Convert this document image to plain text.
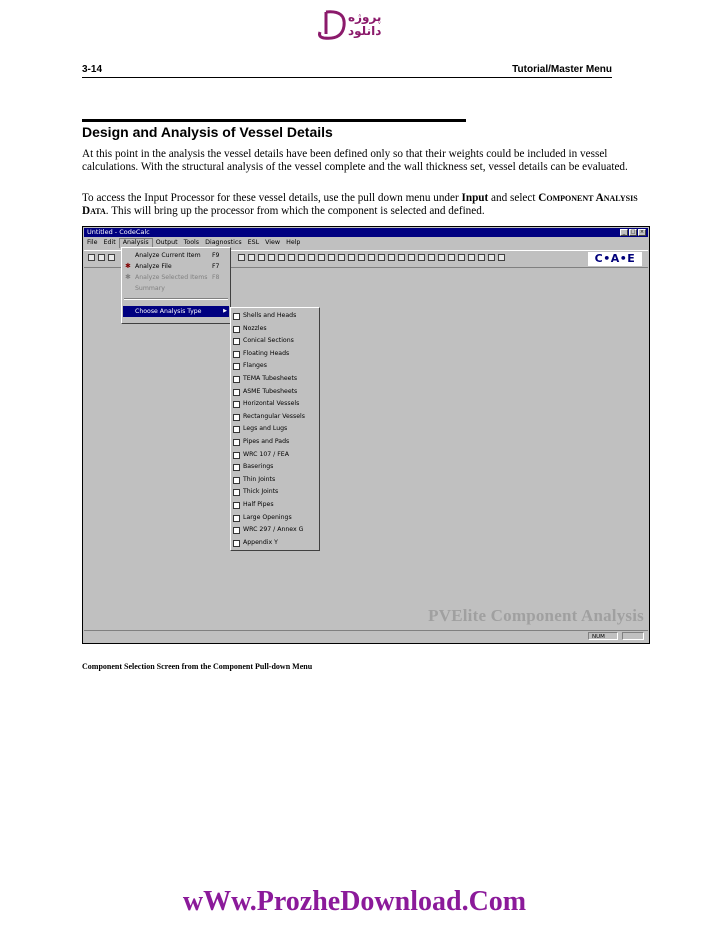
پروژه دانلود
3-14	Tutorial/Master Menu
Design and Analysis of Vessel Details
At this point in the analysis the vessel details have been defined only so that their weights could be included in vessel calculations. With the structural analysis of the vessel complete and the wall thickness set, vessel details can be evaluated.
To access the Input Processor for these vessel details, use the pull down menu under Input and select Component Analysis Data. This will bring up the processor from which the component is selected and defined.
Untitled - CodeCalc	_	□ ×
File Edit	Analysis	Output Tools Diagnostics ESL View Help
C•A•E
PVElite Component Analysis
NUM
Analyze Current Item F9
✱ Analyze File	F7
✱ Analyze Selected Items F8
Summary
Choose Analysis Type	▶
Shells and Heads
Nozzles
Conical Sections
Floating Heads
Flanges
TEMA Tubesheets
ASME Tubesheets
Horizontal Vessels
Rectangular Vessels
Legs and Lugs
Pipes and Pads
WRC 107 / FEA
Baserings
Thin Joints
Thick Joints
Half Pipes
Large Openings
WRC 297 / Annex G
Appendix Y
Component Selection Screen from the Component Pull-down Menu
wWw.ProzheDownload.Com
